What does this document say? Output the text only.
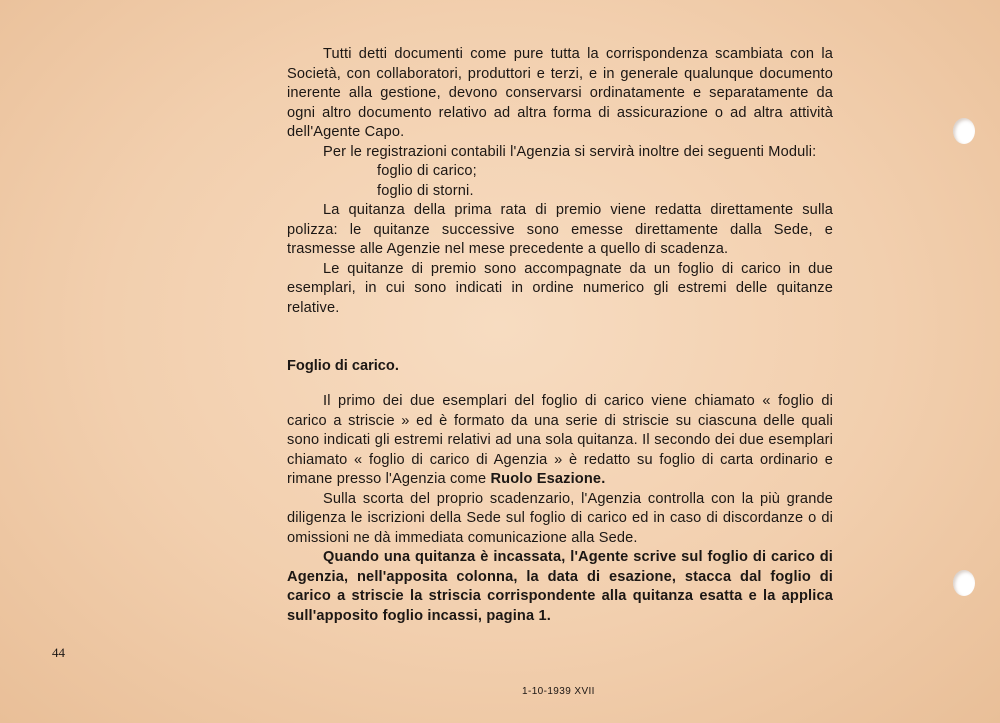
Tutti detti documenti come pure tutta la corrispondenza scambiata con la Società, con collaboratori, produttori e terzi, e in generale qualunque documento inerente alla gestione, devono conservarsi ordinatamente e separatamente da ogni altro documento relativo ad altra forma di assicurazione o ad altra attività dell'Agente Capo.

Per le registrazioni contabili l'Agenzia si servirà inoltre dei seguenti Moduli:

foglio di carico;

foglio di storni.

La quitanza della prima rata di premio viene redatta direttamente sulla polizza: le quitanze successive sono emesse direttamente dalla Sede, e trasmesse alle Agenzie nel mese precedente a quello di scadenza.

Le quitanze di premio sono accompagnate da un foglio di carico in due esemplari, in cui sono indicati in ordine numerico gli estremi delle quitanze relative.

Foglio di carico.

Il primo dei due esemplari del foglio di carico viene chiamato « foglio di carico a striscie » ed è formato da una serie di striscie su ciascuna delle quali sono indicati gli estremi relativi ad una sola quitanza. Il secondo dei due esemplari chiamato « foglio di carico di Agenzia » è redatto su foglio di carta ordinario e rimane presso l'Agenzia come Ruolo Esazione.

Sulla scorta del proprio scadenzario, l'Agenzia controlla con la più grande diligenza le iscrizioni della Sede sul foglio di carico ed in caso di discordanze o di omissioni ne dà immediata comunicazione alla Sede.

Quando una quitanza è incassata, l'Agente scrive sul foglio di carico di Agenzia, nell'apposita colonna, la data di esazione, stacca dal foglio di carico a striscie la striscia corrispondente alla quitanza esatta e la applica sull'apposito foglio incassi, pagina 1.

44
1-10-1939 XVII
